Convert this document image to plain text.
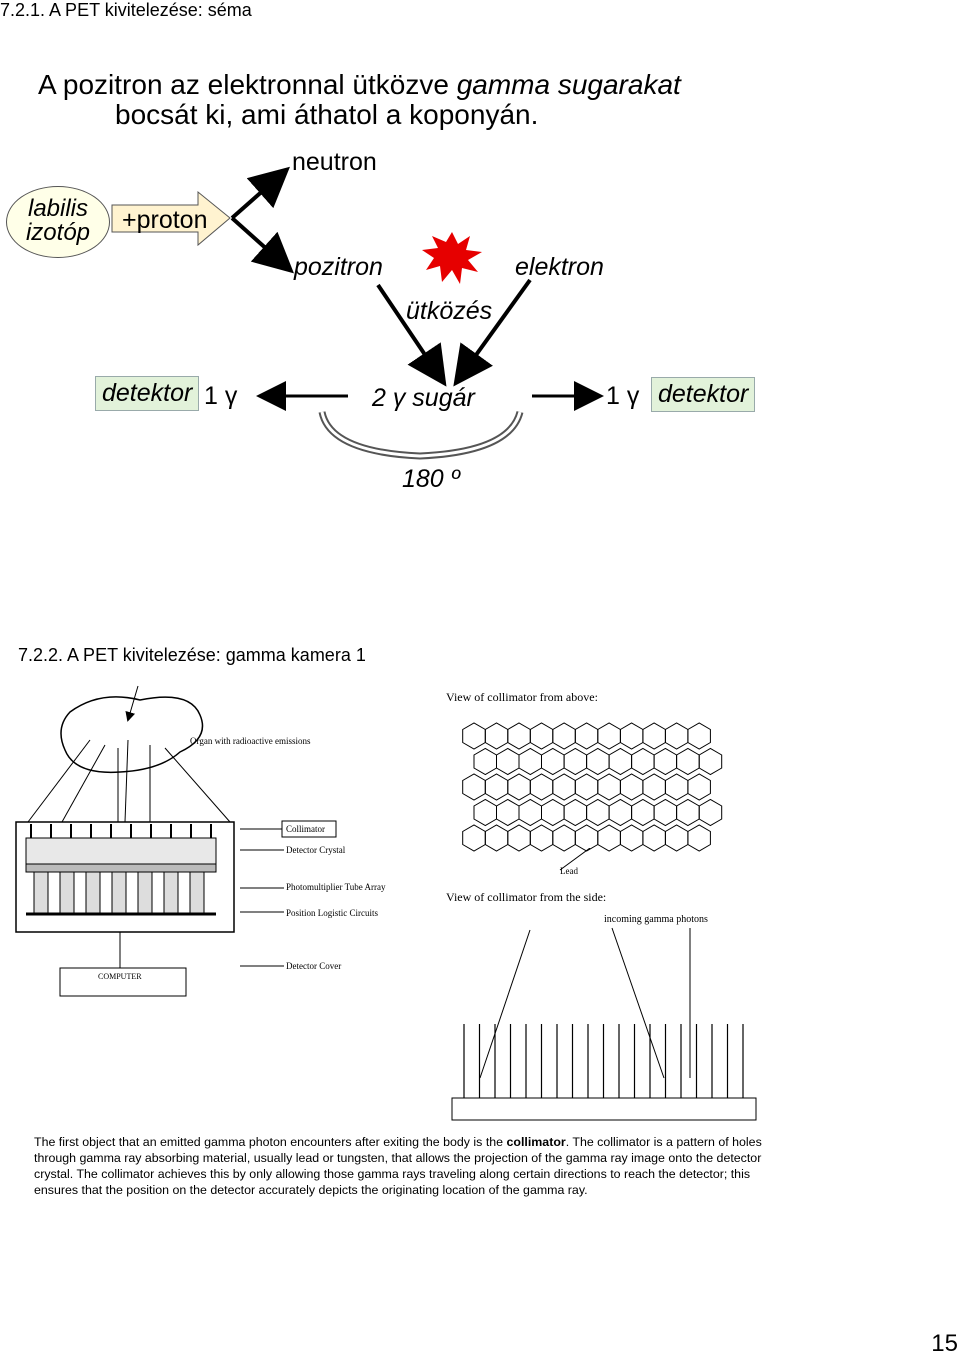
7.2.1. A PET kivitelezése: séma
A pozitron az elektronnal ütközve gamma sugarakat
bocsát ki, ami áthatol a koponyán.
labilis
izotóp	+proton
neutron
pozitron	elektron
ütközés
detektor 1 γ	2 γ sugár	1 γ detektor
180 º
7.2.2. A PET kivitelezése: gamma kamera 1
Organ with radioactive emissions
Collimator
Detector Crystal
Photomultiplier Tube Array
Position Logistic Circuits
Detector Cover
COMPUTER
View of collimator from above:
Lead
View of collimator from the side:
incoming gamma photons
The first object that an emitted gamma photon encounters after exiting the body is the collimator. The collimator is a pattern of holes through gamma ray absorbing material, usually lead or tungsten, that allows the projection of the gamma ray image onto the detector crystal. The collimator achieves this by only allowing those gamma rays traveling along certain directions to reach the detector; this ensures that the position on the detector accurately depicts the originating location of the gamma ray.
15
